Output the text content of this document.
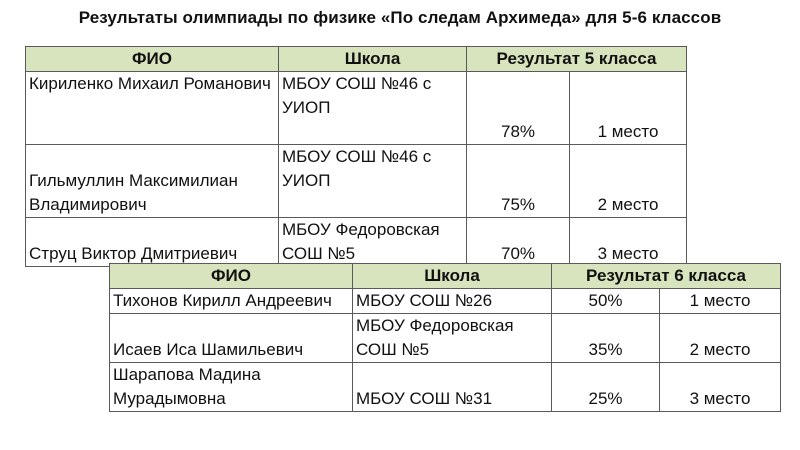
Результаты олимпиады по физике «По следам Архимеда» для 5-6 классов
ФИО	Школа	Результат 5 класса	
Кириленко Михаил Романович	МБОУ СОШ №46 с УИОП	78%	1 место
Гильмуллин Максимилиан Владимирович	МБОУ СОШ №46 с УИОП	75%	2 место
Струц Виктор Дмитриевич	МБОУ Федоровская СОШ №5	70%	3 место
ФИО	Школа	Результат 6 класса	
Тихонов Кирилл Андреевич	МБОУ СОШ №26	50%	1 место
Исаев Иса Шамильевич	МБОУ Федоровская СОШ №5	35%	2 место
Шарапова Мадина Мурадымовна	МБОУ СОШ №31	25%	3 место
